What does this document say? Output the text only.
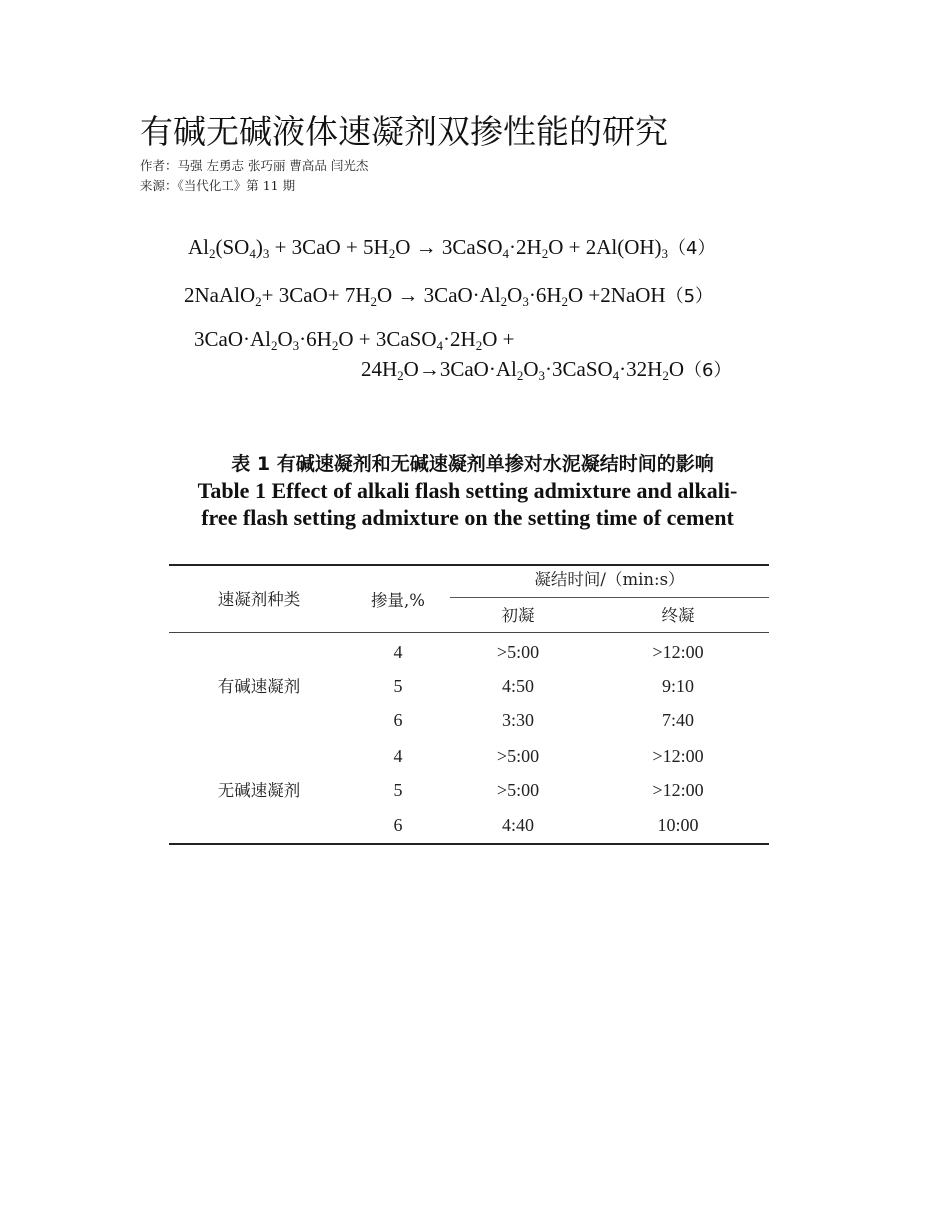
有碱无碱液体速凝剂双掺性能的研究
作者：马强 左勇志 张巧丽 曹高品 闫光杰
来源：《当代化工》第 11 期
$Al_2(SO_4)_3 + 3CaO + 5H_2O$ → $3CaSO_4\cdot 2H_2O + 2Al(OH)_3(4)$
2NaAlO$_2$+ $3CaO+ 7H_2O \to 3CaO\cdot Al_2O_3\cdot 6H_2O$ +2NaOH（5）
$3CaO\cdot Al_2O_3\cdot 6H_2O$ + $3CaSO_4\cdot 2H_2O$ +
$24H_2O\to 3CaO\cdot Al_2O_3\cdot 3CaSO_4\cdot 32H_2O(6)$
表 1 有碱速凝剂和无碱速凝剂单掺对水泥凝结时间的影响
Table 1 Effect of alkali flash setting admixture and alkali-free flash setting admixture on the setting time of cement
速凝剂种类	掺量,%
凝结时间/（min:s）
初凝	终凝
有碱速凝剂
4	>5:00	>12:00
5	4:50	9:10
6	3:30	7:40
无碱速凝剂
4	>5:00	>12:00
5	>5:00	>12:00
6	4:40	10:00
